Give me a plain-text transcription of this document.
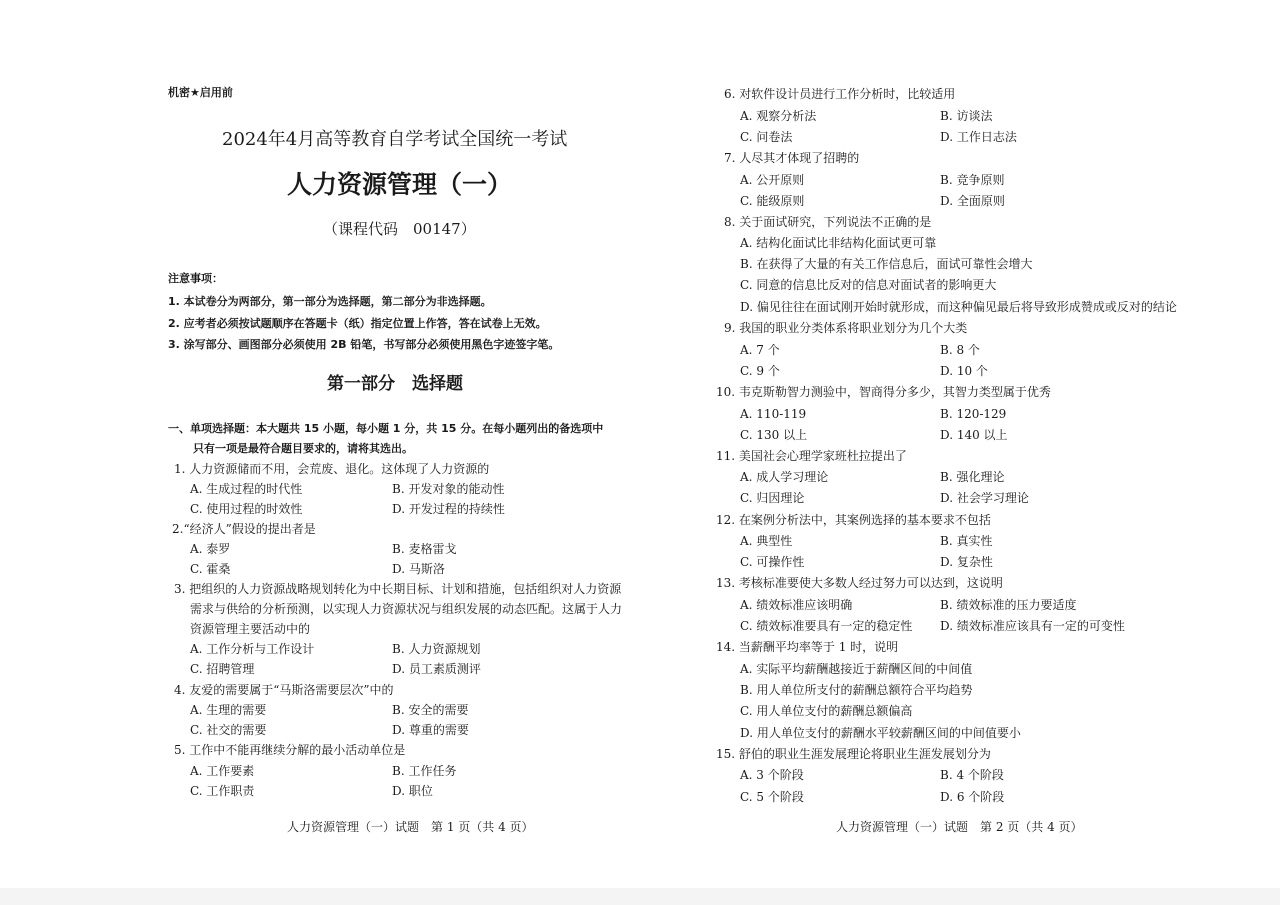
机密★启用前
2024年4月高等教育自学考试全国统一考试
人力资源管理（一）
（课程代码　00147）
注意事项：
1. 本试卷分为两部分，第一部分为选择题，第二部分为非选择题。
2. 应考者必须按试题顺序在答题卡（纸）指定位置上作答，答在试卷上无效。
3. 涂写部分、画图部分必须使用 2B 铅笔，书写部分必须使用黑色字迹签字笔。
第一部分　选择题
一、单项选择题：本大题共 15 小题，每小题 1 分，共 15 分。在每小题列出的备选项中
只有一项是最符合题目要求的，请将其选出。
1. 人力资源储而不用，会荒废、退化。这体现了人力资源的
A. 生成过程的时代性	B. 开发对象的能动性
C. 使用过程的时效性	D. 开发过程的持续性
2.“经济人”假设的提出者是
A. 泰罗	B. 麦格雷戈
C. 霍桑	D. 马斯洛
3. 把组织的人力资源战略规划转化为中长期目标、计划和措施，包括组织对人力资源
需求与供给的分析预测，以实现人力资源状况与组织发展的动态匹配。这属于人力
资源管理主要活动中的
A. 工作分析与工作设计	B. 人力资源规划
C. 招聘管理	D. 员工素质测评
4. 友爱的需要属于“马斯洛需要层次”中的
A. 生理的需要	B. 安全的需要
C. 社交的需要	D. 尊重的需要
5. 工作中不能再继续分解的最小活动单位是
A. 工作要素	B. 工作任务
C. 工作职责	D. 职位
人力资源管理（一）试题　第 1 页（共 4 页）
6. 对软件设计员进行工作分析时，比较适用
A. 观察分析法	B. 访谈法
C. 问卷法	D. 工作日志法
7. 人尽其才体现了招聘的
A. 公开原则	B. 竞争原则
C. 能级原则	D. 全面原则
8. 关于面试研究，下列说法不正确的是
A. 结构化面试比非结构化面试更可靠
B. 在获得了大量的有关工作信息后，面试可靠性会增大
C. 同意的信息比反对的信息对面试者的影响更大
D. 偏见往往在面试刚开始时就形成，而这种偏见最后将导致形成赞成或反对的结论
9. 我国的职业分类体系将职业划分为几个大类
A. 7 个	B. 8 个
C. 9 个	D. 10 个
10. 韦克斯勒智力测验中，智商得分多少，其智力类型属于优秀
A. 110-119	B. 120-129
C. 130 以上	D. 140 以上
11. 美国社会心理学家班杜拉提出了
A. 成人学习理论	B. 强化理论
C. 归因理论	D. 社会学习理论
12. 在案例分析法中，其案例选择的基本要求不包括
A. 典型性	B. 真实性
C. 可操作性	D. 复杂性
13. 考核标准要使大多数人经过努力可以达到，这说明
A. 绩效标准应该明确	B. 绩效标准的压力要适度
C. 绩效标准要具有一定的稳定性 D. 绩效标准应该具有一定的可变性
14. 当薪酬平均率等于 1 时，说明
A. 实际平均薪酬越接近于薪酬区间的中间值
B. 用人单位所支付的薪酬总额符合平均趋势
C. 用人单位支付的薪酬总额偏高
D. 用人单位支付的薪酬水平较薪酬区间的中间值要小
15. 舒伯的职业生涯发展理论将职业生涯发展划分为
A. 3 个阶段	B. 4 个阶段
C. 5 个阶段	D. 6 个阶段
人力资源管理（一）试题　第 2 页（共 4 页）
